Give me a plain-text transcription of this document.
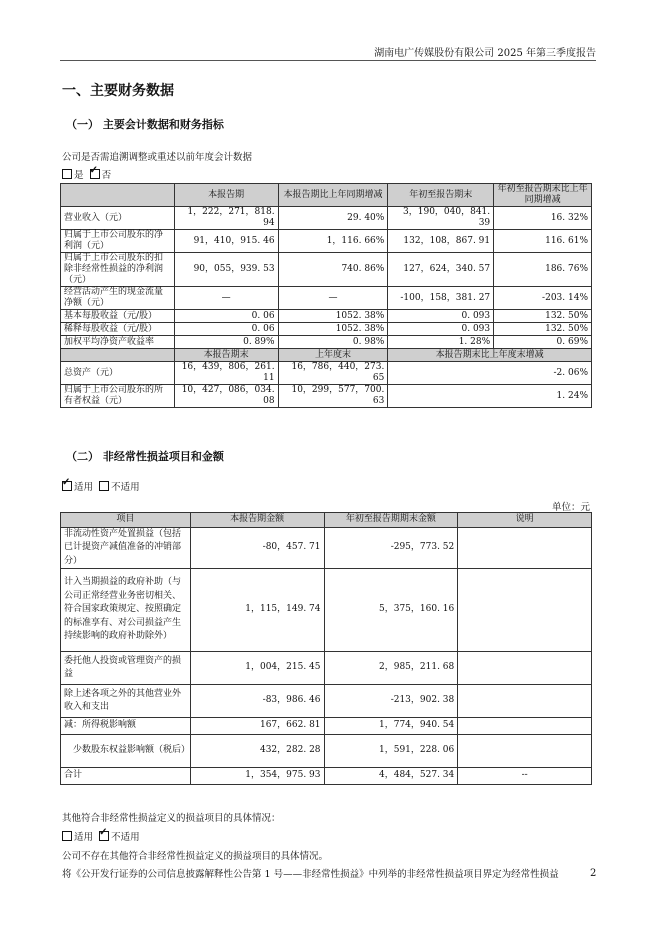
湖南电广传媒股份有限公司 2025 年第三季度报告
一、主要财务数据
（一） 主要会计数据和财务指标
公司是否需追溯调整或重述以前年度会计数据
是 ✓ 否
	本报告期	本报告期比上年同期增减	年初至报告期末	年初至报告期末比上年同期增减
营业收入（元）	1，222，271，818. 94	29. 40%	3，190，040，841. 39	16. 32%
归属于上市公司股东的净利润（元）	91，410，915. 46	1，116. 66%	132，108，867. 91	116. 61%
归属于上市公司股东的扣除非经常性损益的净利润（元）	90，055，939. 53	740. 86%	127，624，340. 57	186. 76%
经营活动产生的现金流量净额（元）	—	—	-100，158，381. 27	-203. 14%
基本每股收益（元/股）	0. 06	1052. 38%	0. 093	132. 50%
稀释每股收益（元/股）	0. 06	1052. 38%	0. 093	132. 50%
加权平均净资产收益率	0. 89%	0. 98%	1. 28%	0. 69%
	本报告期末	上年度末	本报告期末比上年度末增减	
总资产（元）	16，439，806，261. 11	16，786，440，273. 65	-2. 06%	
归属于上市公司股东的所有者权益（元）	10，427，086，034. 08	10，299，577，700. 63	1. 24%	
（二） 非经常性损益项目和金额
✓适用 不适用
单位：元
项目	本报告期金额	年初至报告期期末金额	说明
非流动性资产处置损益（包括已计提资产减值准备的冲销部分）	-80，457. 71	-295，773. 52	
计入当期损益的政府补助（与公司正常经营业务密切相关、符合国家政策规定、按照确定的标准享有、对公司损益产生持续影响的政府补助除外）	1，115，149. 74	5，375，160. 16	
委托他人投资或管理资产的损益	1，004，215. 45	2，985，211. 68	
除上述各项之外的其他营业外收入和支出	-83，986. 46	-213，902. 38	
减：所得税影响额	167，662. 81	1，774，940. 54	
少数股东权益影响额（税后）	432，282. 28	1，591，228. 06	
合计	1，354，975. 93	4，484，527. 34	--
其他符合非经常性损益定义的损益项目的具体情况：
适用 ✓ 不适用
公司不存在其他符合非经常性损益定义的损益项目的具体情况。
将《公开发行证券的公司信息披露解释性公告第 1 号——非经常性损益》中列举的非经常性损益项目界定为经常性损益	2
